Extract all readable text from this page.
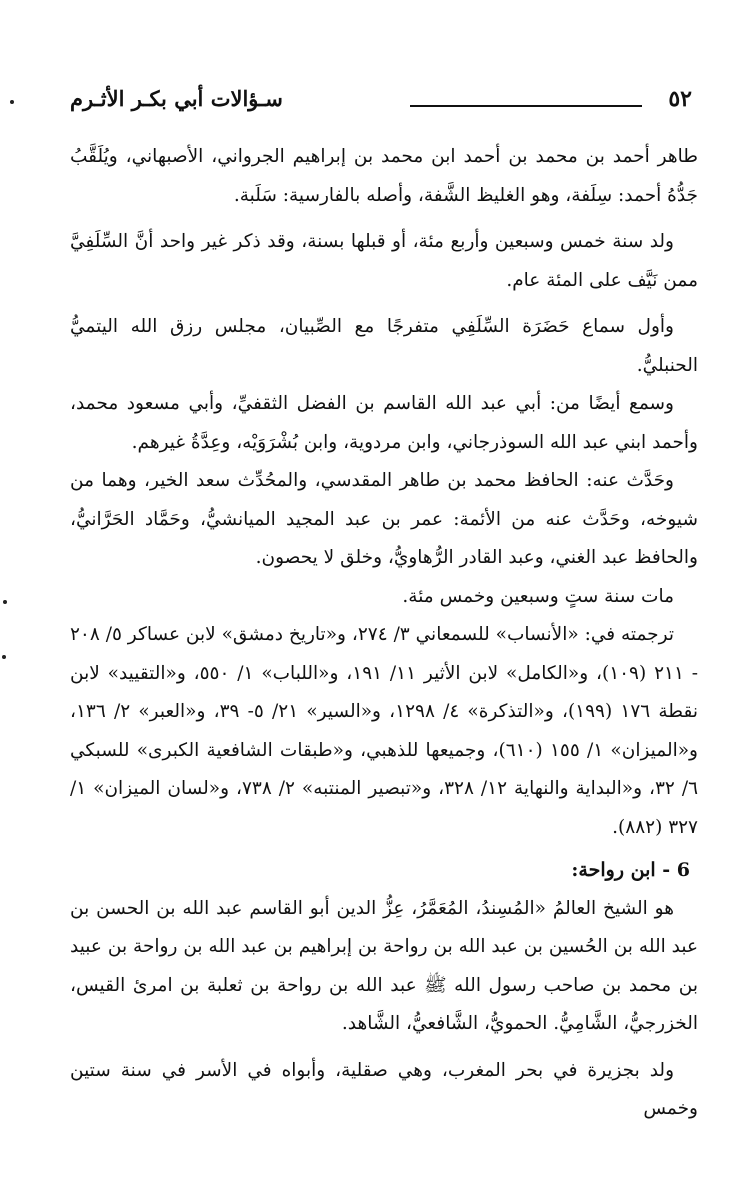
٥٢
سـؤالات أبي بكـر الأثـرم

طاهر أحمد بن محمد بن أحمد ابن محمد بن إبراهيم الجرواني، الأصبهاني، ويُلَقَّبُ جَدُّهُ أحمد: سِلَفة، وهو الغليظ الشَّفة، وأصله بالفارسية: سَلَبة.

ولد سنة خمس وسبعين وأربع مئة، أو قبلها بسنة، وقد ذكر غير واحد أنَّ السِّلَفِيَّ ممن نَيَّف على المئة عام.

وأول سماع حَضَرَة السِّلَفِي متفرجًا مع الصِّبيان، مجلس رزق الله اليتميُّ الحنبليُّ.

وسمع أيضًا من: أبي عبد الله القاسم بن الفضل الثقفيِّ، وأبي مسعود محمد، وأحمد ابني عبد الله السوذرجاني، وابن مردوية، وابن بُشْرَوَيْه، وعِدَّةُ غيرهم.

وحَدَّث عنه: الحافظ محمد بن طاهر المقدسي، والمحُدِّث سعد الخير، وهما من شيوخه، وحَدَّث عنه من الأئمة: عمر بن عبد المجيد الميانشيُّ، وحَمَّاد الحَرَّانيُّ، والحافظ عبد الغني، وعبد القادر الرُّهاويُّ، وخلق لا يحصون.

مات سنة ستٍ وسبعين وخمس مئة.

ترجمته في: «الأنساب» للسمعاني ٣/ ٢٧٤، و«تاريخ دمشق» لابن عساكر ٥/ ٢٠٨ - ٢١١ (١٠٩)، و«الكامل» لابن الأثير ١١/ ١٩١، و«اللباب» ١/ ٥٥٠، و«التقييد» لابن نقطة ١٧٦ (١٩٩)، و«التذكرة» ٤/ ١٢٩٨، و«السير» ٢١/ ٥- ٣٩، و«العبر» ٢/ ١٣٦، و«الميزان» ١/ ١٥٥ (٦١٠)، وجميعها للذهبي، و«طبقات الشافعية الكبرى» للسبكي ٦/ ٣٢، و«البداية والنهاية ١٢/ ٣٢٨، و«تبصير المنتبه» ٢/ ٧٣٨، و«لسان الميزان» ١/ ٣٢٧ (٨٨٢).

6 - ابن رواحة:

هو الشيخ العالمُ «المُسِندُ، المُعَمَّرُ، عِزُّ الدين أبو القاسم عبد الله بن الحسن بن عبد الله بن الحُسين بن عبد الله بن رواحة بن إبراهيم بن عبد الله بن رواحة بن عبيد بن محمد بن صاحب رسول الله ﷺ عبد الله بن رواحة بن ثعلبة بن امرئ القيس، الخزرجيُّ، الشَّامِيُّ. الحمويُّ، الشَّافعيُّ، الشَّاهد.

ولد بجزيرة في بحر المغرب، وهي صقلية، وأبواه في الأسر في سنة ستين وخمس
